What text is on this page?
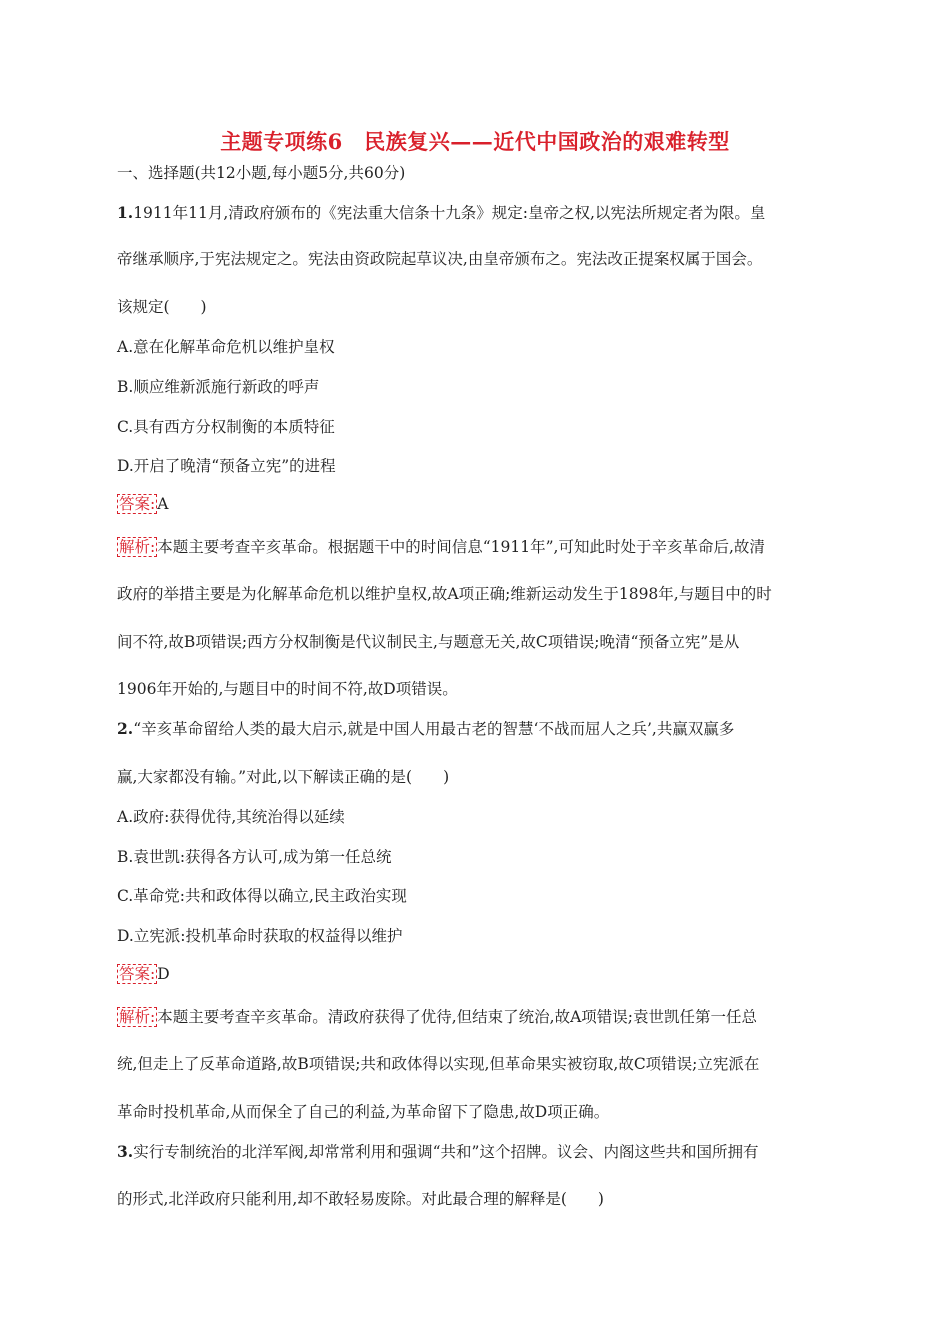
主题专项练6　民族复兴——近代中国政治的艰难转型
一、选择题(共12小题,每小题5分,共60分)
1.1911年11月,清政府颁布的《宪法重大信条十九条》规定:皇帝之权,以宪法所规定者为限。皇
帝继承顺序,于宪法规定之。宪法由资政院起草议决,由皇帝颁布之。宪法改正提案权属于国会。
该规定(　　)
A.意在化解革命危机以维护皇权
B.顺应维新派施行新政的呼声
C.具有西方分权制衡的本质特征
D.开启了晚清“预备立宪”的进程
答案: A
解析: 本题主要考查辛亥革命。根据题干中的时间信息“1911年”,可知此时处于辛亥革命后,故清
政府的举措主要是为化解革命危机以维护皇权,故A项正确;维新运动发生于1898年,与题目中的时
间不符,故B项错误;西方分权制衡是代议制民主,与题意无关,故C项错误;晚清“预备立宪”是从
1906年开始的,与题目中的时间不符,故D项错误。
2.“辛亥革命留给人类的最大启示,就是中国人用最古老的智慧‘不战而屈人之兵’,共赢双赢多
赢,大家都没有输。”对此,以下解读正确的是(　　)
A.政府:获得优待,其统治得以延续
B.袁世凯:获得各方认可,成为第一任总统
C.革命党:共和政体得以确立,民主政治实现
D.立宪派:投机革命时获取的权益得以维护
答案: D
解析: 本题主要考查辛亥革命。清政府获得了优待,但结束了统治,故A项错误;袁世凯任第一任总
统,但走上了反革命道路,故B项错误;共和政体得以实现,但革命果实被窃取,故C项错误;立宪派在
革命时投机革命,从而保全了自己的利益,为革命留下了隐患,故D项正确。
3.实行专制统治的北洋军阀,却常常利用和强调“共和”这个招牌。议会、内阁这些共和国所拥有
的形式,北洋政府只能利用,却不敢轻易废除。对此最合理的解释是(　　)
